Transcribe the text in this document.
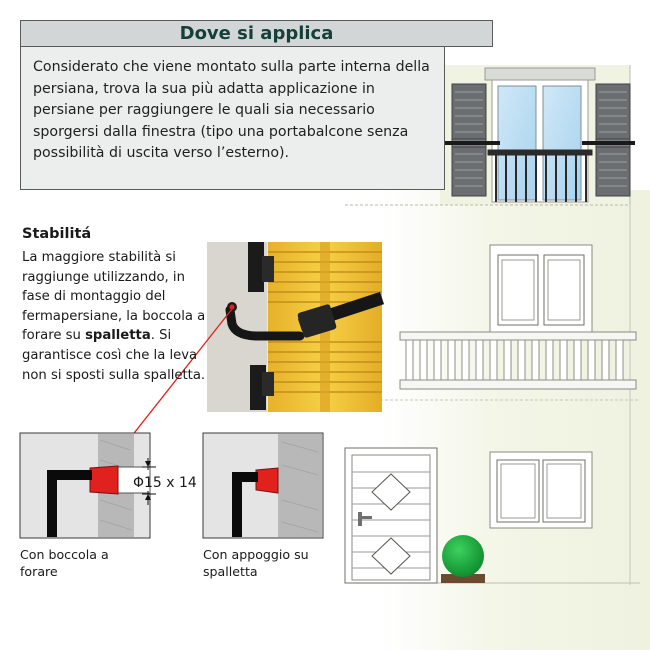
Dove si applica
Considerato che viene montato sulla parte interna della persiana, trova la sua più adatta applicazione in persiane per raggiungere le quali sia necessario sporgersi dalla finestra (tipo una portabalcone senza possibilità di uscita verso l’esterno).
Stabilitá
La maggiore stabilità si raggiunge utilizzando, in fase di montaggio del fermapersiane, la boccola a forare su spalletta. Si garantisce così che la leva non si sposti sulla spalletta.
Φ15 x 14
Con boccola a forare
Con appoggio su spalletta
